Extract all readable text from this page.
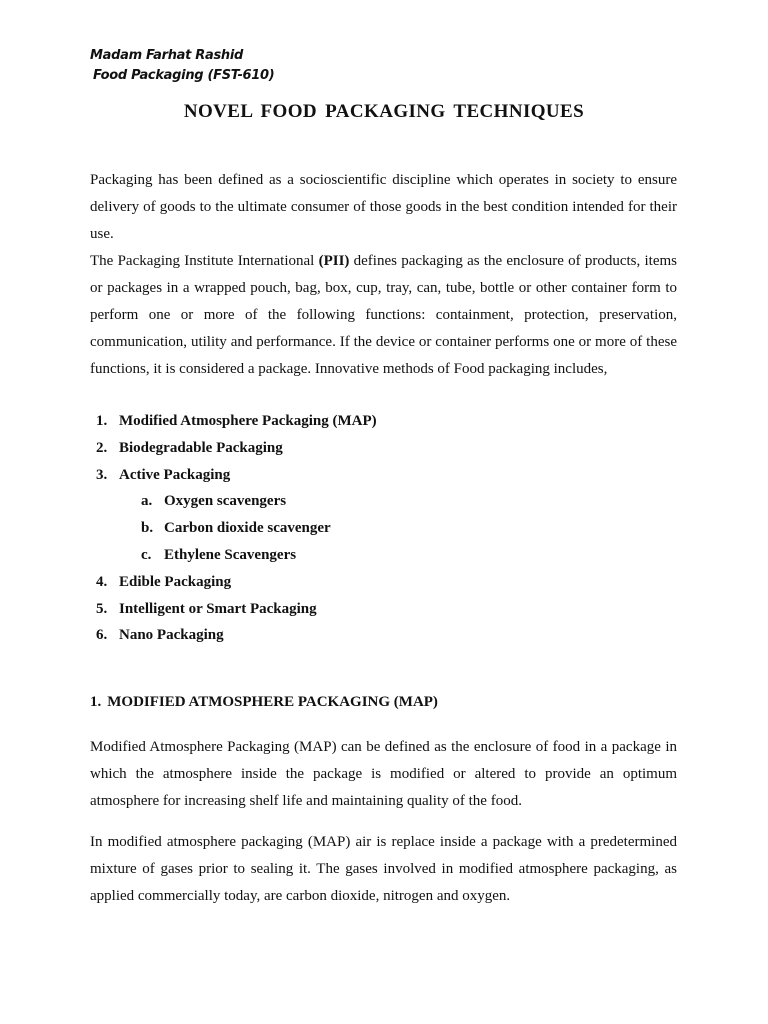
Madam Farhat Rashid
Food Packaging (FST-610)
NOVEL FOOD PACKAGING TECHNIQUES

Packaging has been defined as a socioscientific discipline which operates in society to ensure delivery of goods to the ultimate consumer of those goods in the best condition intended for their use.

The Packaging Institute International (PII) defines packaging as the enclosure of products, items or packages in a wrapped pouch, bag, box, cup, tray, can, tube, bottle or other container form to perform one or more of the following functions: containment, protection, preservation, communication, utility and performance. If the device or container performs one or more of these functions, it is considered a package. Innovative methods of Food packaging includes,

1. Modified Atmosphere Packaging (MAP)
2. Biodegradable Packaging
3. Active Packaging
a. Oxygen scavengers
b. Carbon dioxide scavenger
c. Ethylene Scavengers
4. Edible Packaging
5. Intelligent or Smart Packaging
6. Nano Packaging
1. MODIFIED ATMOSPHERE PACKAGING (MAP)

Modified Atmosphere Packaging (MAP) can be defined as the enclosure of food in a package in which the atmosphere inside the package is modified or altered to provide an optimum atmosphere for increasing shelf life and maintaining quality of the food.

In modified atmosphere packaging (MAP) air is replace inside a package with a predetermined mixture of gases prior to sealing it. The gases involved in modified atmosphere packaging, as applied commercially today, are carbon dioxide, nitrogen and oxygen.
